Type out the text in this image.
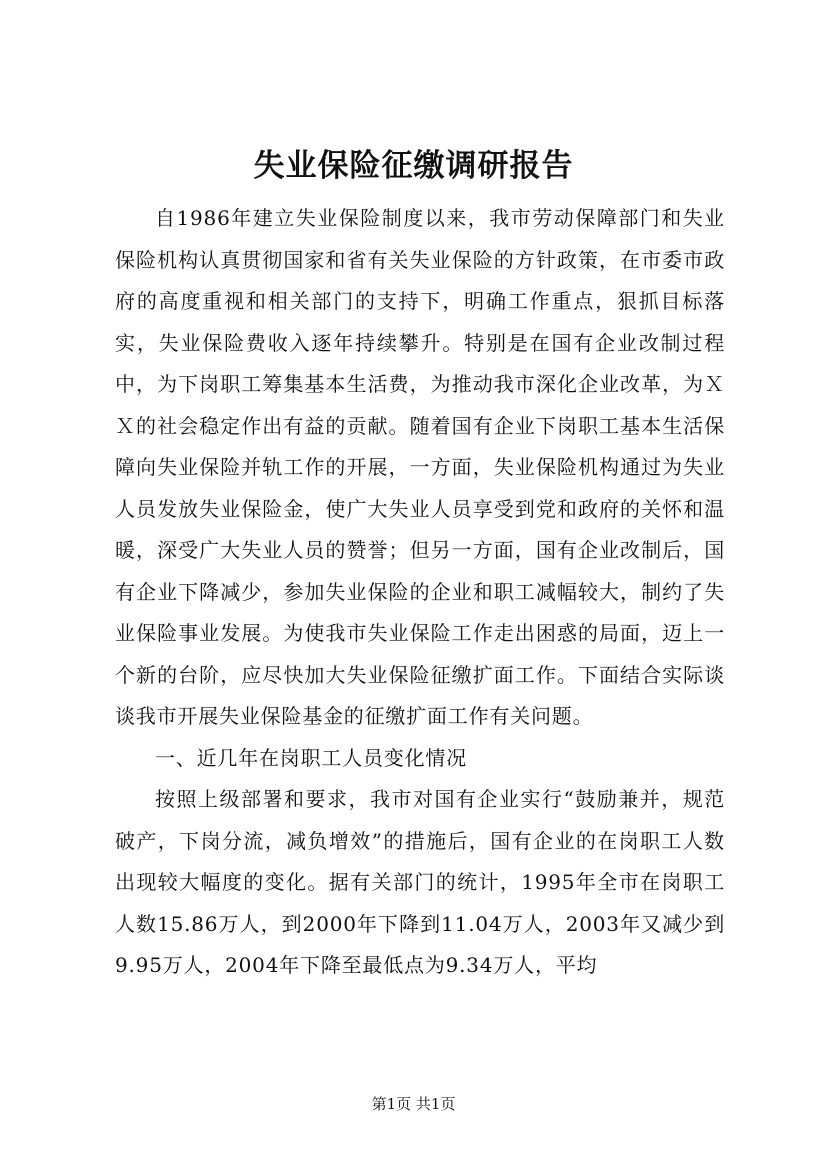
失业保险征缴调研报告

自1986年建立失业保险制度以来，我市劳动保障部门和失业保险机构认真贯彻国家和省有关失业保险的方针政策，在市委市政府的高度重视和相关部门的支持下，明确工作重点，狠抓目标落实，失业保险费收入逐年持续攀升。特别是在国有企业改制过程中，为下岗职工筹集基本生活费，为推动我市深化企业改革，为ＸＸ的社会稳定作出有益的贡献。随着国有企业下岗职工基本生活保障向失业保险并轨工作的开展，一方面，失业保险机构通过为失业人员发放失业保险金，使广大失业人员享受到党和政府的关怀和温暖，深受广大失业人员的赞誉；但另一方面，国有企业改制后，国有企业下降减少，参加失业保险的企业和职工减幅较大，制约了失业保险事业发展。为使我市失业保险工作走出困惑的局面，迈上一个新的台阶，应尽快加大失业保险征缴扩面工作。下面结合实际谈谈我市开展失业保险基金的征缴扩面工作有关问题。

一、近几年在岗职工人员变化情况

按照上级部署和要求，我市对国有企业实行“鼓励兼并，规范破产，下岗分流，减负增效”的措施后，国有企业的在岗职工人数出现较大幅度的变化。据有关部门的统计，1995年全市在岗职工人数15.86万人，到2000年下降到11.04万人，2003年又减少到9.95万人，2004年下降至最低点为9.34万人，平均

第1页 共1页
